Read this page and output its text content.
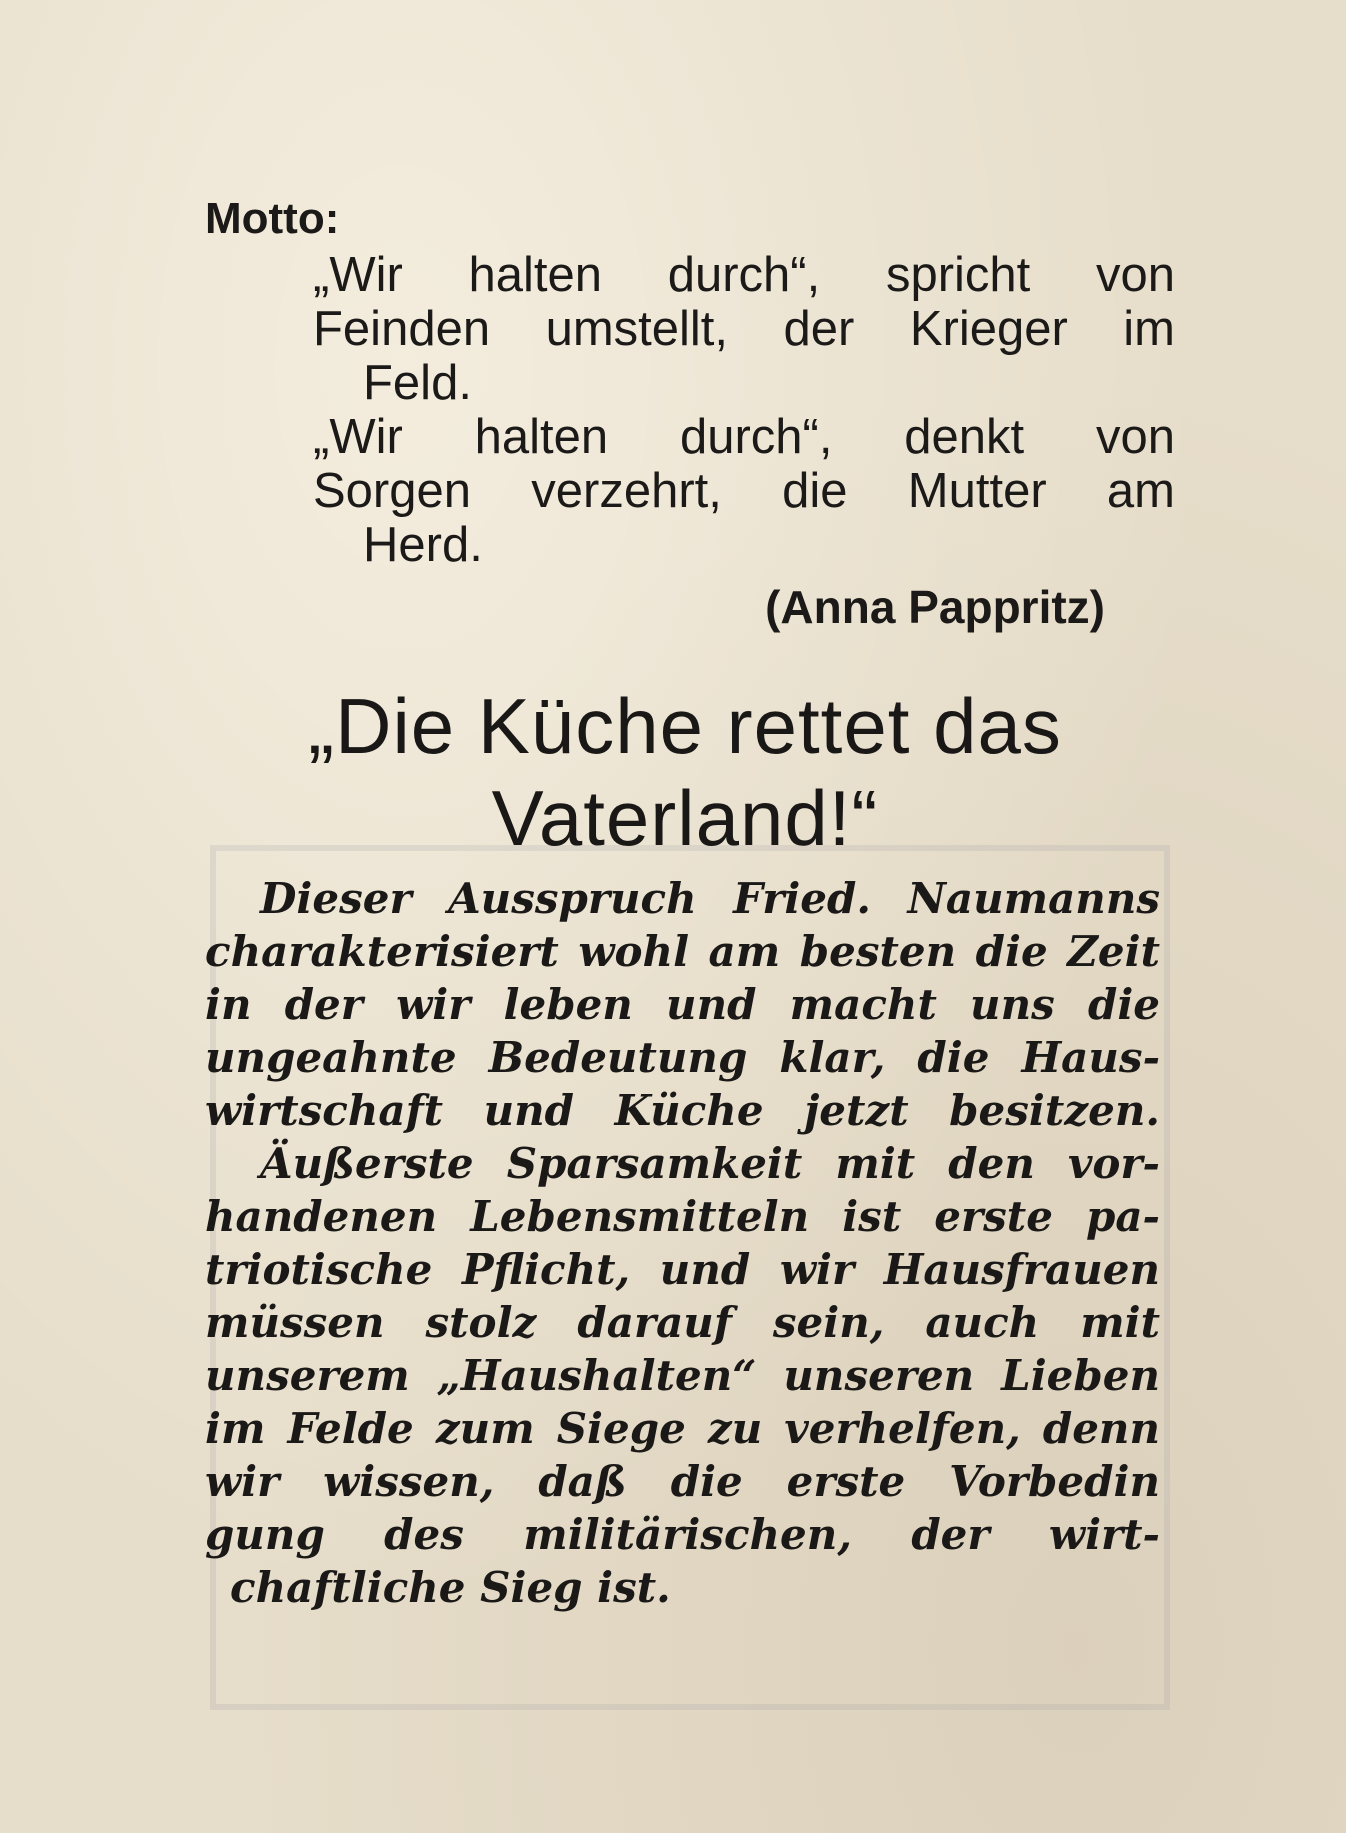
Motto:
„Wir halten durch“, spricht von
Feinden umstellt, der Krieger im
Feld.
„Wir halten durch“, denkt von
Sorgen verzehrt, die Mutter am
Herd.
(Anna Pappritz)
„Die Küche rettet das
Vaterland!“
Dieser Ausspruch Fried. Naumanns
charakterisiert wohl am besten die Zeit
in der wir leben und macht uns die
ungeahnte Bedeutung klar, die Haus-
wirtschaft und Küche jetzt besitzen.
Äußerste Sparsamkeit mit den vor-
handenen Lebensmitteln ist erste pa-
triotische Pflicht, und wir Hausfrauen
müssen stolz darauf sein, auch mit
unserem „Haushalten“ unseren Lieben
im Felde zum Siege zu verhelfen, denn
wir wissen, daß die erste Vorbedin
gung des militärischen, der wirt-
chaftliche Sieg ist.
